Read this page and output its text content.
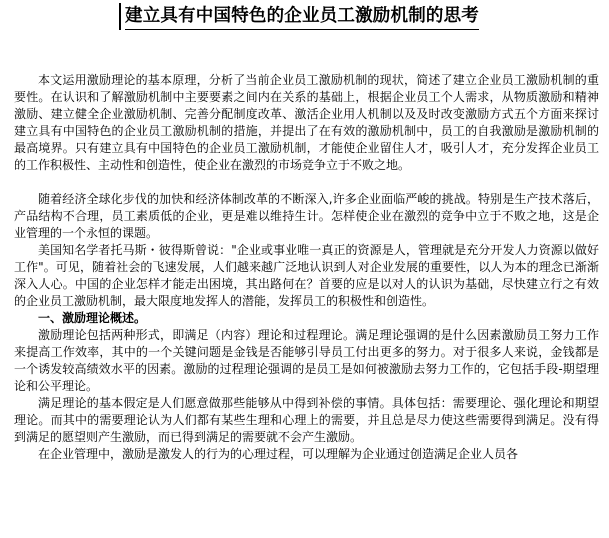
建立具有中国特色的企业员工激励机制的思考

本文运用激励理论的基本原理，分析了当前企业员工激励机制的现状，简述了建立企业员工激励机制的重要性。在认识和了解激励机制中主要要素之间内在关系的基础上，根据企业员工个人需求，从物质激励和精神激励、建立健全企业激励机制、完善分配制度改革、激活企业用人机制以及及时改变激励方式五个方面来探讨建立具有中国特色的企业员工激励机制的措施，并提出了在有效的激励机制中，员工的自我激励是激励机制的最高境界。只有建立具有中国特色的企业员工激励机制，才能使企业留住人才，吸引人才，充分发挥企业员工的工作积极性、主动性和创造性，使企业在激烈的市场竞争立于不败之地。

随着经济全球化步伐的加快和经济体制改革的不断深入,许多企业面临严峻的挑战。特别是生产技术落后，产品结构不合理，员工素质低的企业，更是难以维持生计。怎样使企业在激烈的竞争中立于不败之地，这是企业管理的一个永恒的课题。

美国知名学者托马斯・彼得斯曾说："企业或事业唯一真正的资源是人，管理就是充分开发人力资源以做好工作"。可见，随着社会的飞速发展，人们越来越广泛地认识到人对企业发展的重要性，以人为本的理念已渐渐深入人心。中国的企业怎样才能走出困境，其出路何在？首要的应是以对人的认识为基础，尽快建立行之有效的企业员工激励机制，最大限度地发挥人的潜能，发挥员工的积极性和创造性。

一、激励理论概述。

激励理论包括两种形式，即满足（内容）理论和过程理论。满足理论强调的是什么因素激励员工努力工作来提高工作效率，其中的一个关键问题是金钱是否能够引导员工付出更多的努力。对于很多人来说，金钱都是一个诱发较高绩效水平的因素。激励的过程理论强调的是员工是如何被激励去努力工作的，它包括手段-期望理论和公平理论。

满足理论的基本假定是人们愿意做那些能够从中得到补偿的事情。具体包括：需要理论、强化理论和期望理论。而其中的需要理论认为人们都有某些生理和心理上的需要，并且总是尽力使这些需要得到满足。没有得到满足的愿望则产生激励，而已得到满足的需要就不会产生激励。

在企业管理中，激励是激发人的行为的心理过程，可以理解为企业通过创造满足企业人员各
